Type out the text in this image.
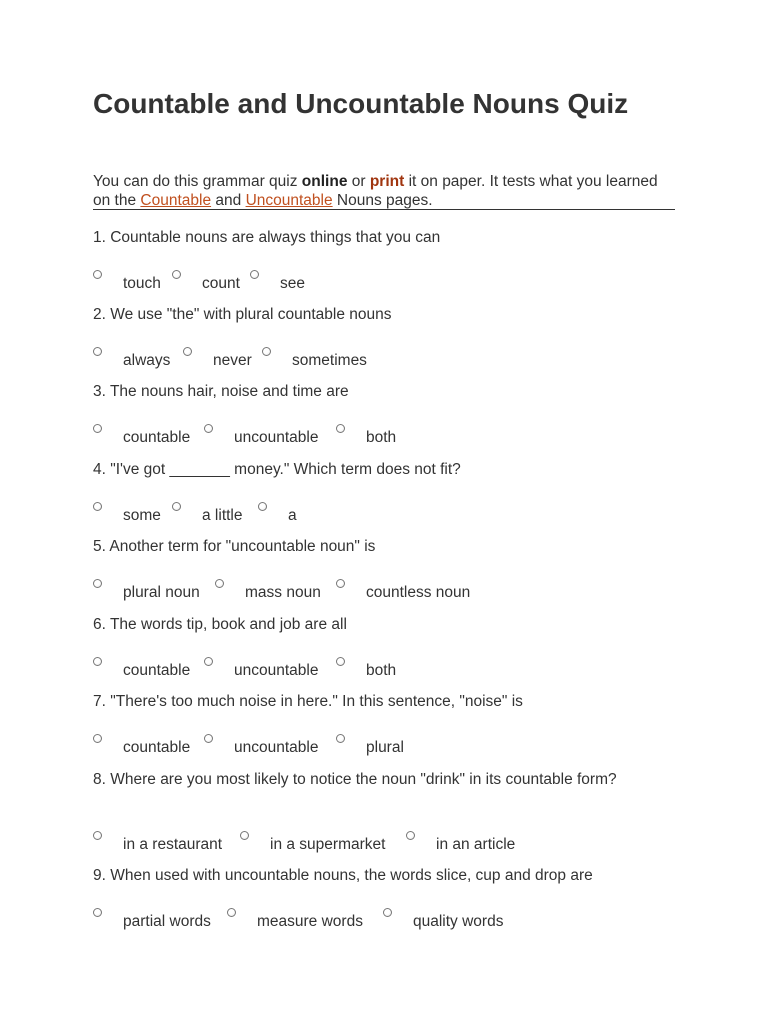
Countable and Uncountable Nouns Quiz

You can do this grammar quiz online or print it on paper. It tests what you learned on the Countable and Uncountable Nouns pages.

1. Countable nouns are always things that you can

touch	count	see

2. We use "the" with plural countable nouns

always	never	sometimes

3. The nouns hair, noise and time are

countable	uncountable	both

4. "I've got _______ money." Which term does not fit?

some	a little	a

5. Another term for "uncountable noun" is

plural noun	mass noun	countless noun

6. The words tip, book and job are all

countable	uncountable	both

7. "There's too much noise in here." In this sentence, "noise" is

countable	uncountable	plural

8. Where are you most likely to notice the noun "drink" in its countable form?

in a restaurant	in a supermarket	in an article

9. When used with uncountable nouns, the words slice, cup and drop are

partial words	measure words	quality words
